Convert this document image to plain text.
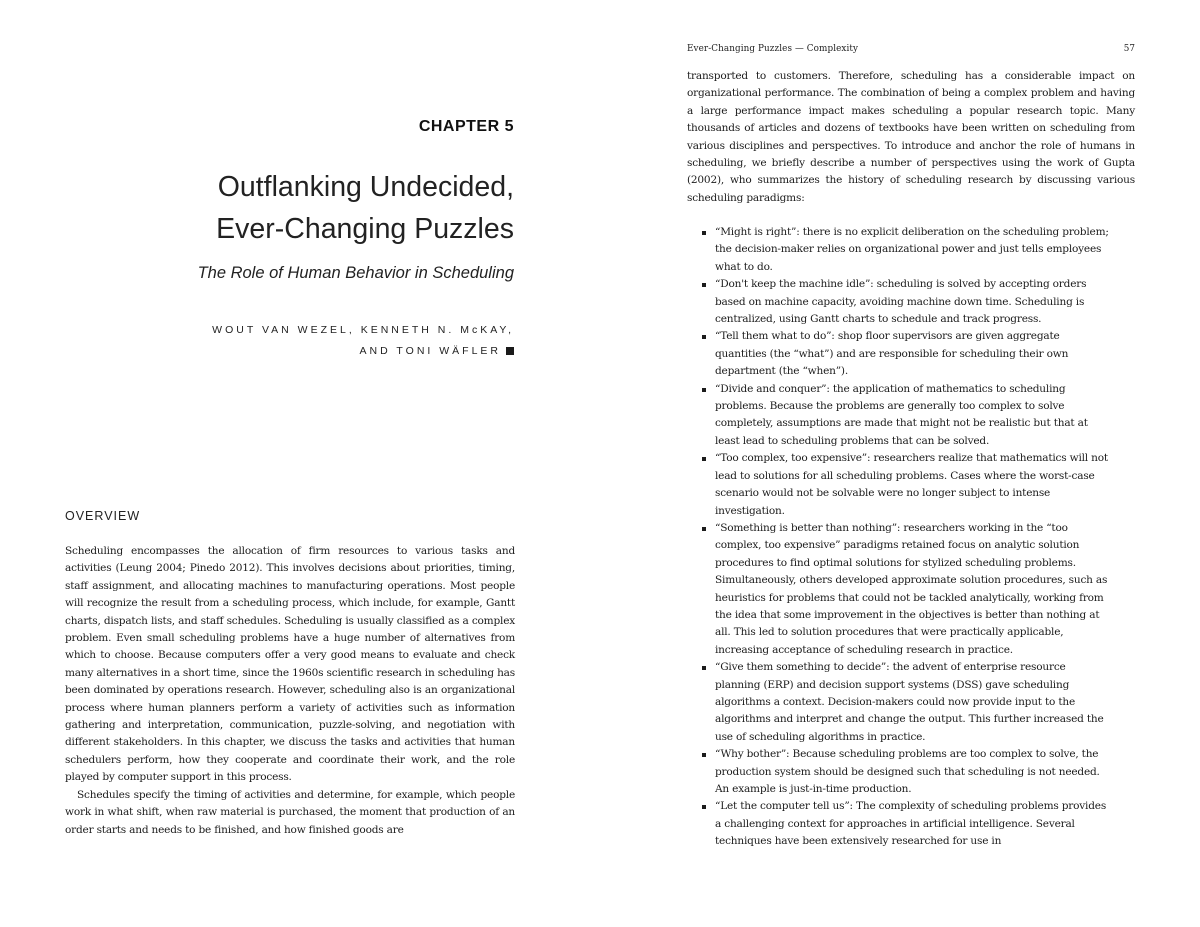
CHAPTER 5
Outflanking Undecided,
Ever-Changing Puzzles

The Role of Human Behavior in Scheduling

WOUT VAN WEZEL, KENNETH N. McKAY,
AND TONI WÄFLER
OVERVIEW

Scheduling encompasses the allocation of firm resources to various tasks and activities (Leung 2004; Pinedo 2012). This involves decisions about priorities, timing, staff assignment, and allocating machines to manufacturing operations. Most people will recognize the result from a scheduling process, which include, for example, Gantt charts, dispatch lists, and staff schedules. Scheduling is usually classified as a complex problem. Even small scheduling problems have a huge number of alternatives from which to choose. Because computers offer a very good means to evaluate and check many alternatives in a short time, since the 1960s scientific research in scheduling has been dominated by operations research. However, scheduling also is an organizational process where human planners perform a variety of activities such as information gathering and interpretation, communication, puzzle-solving, and negotiation with different stakeholders. In this chapter, we discuss the tasks and activities that human schedulers perform, how they cooperate and coordinate their work, and the role played by computer support in this process.

Schedules specify the timing of activities and determine, for example, which people work in what shift, when raw material is purchased, the moment that production of an order starts and needs to be finished, and how finished goods are

Ever-Changing Puzzles — Complexity	57

transported to customers. Therefore, scheduling has a considerable impact on organizational performance. The combination of being a complex problem and having a large performance impact makes scheduling a popular research topic. Many thousands of articles and dozens of textbooks have been written on scheduling from various disciplines and perspectives. To introduce and anchor the role of humans in scheduling, we briefly describe a number of perspectives using the work of Gupta (2002), who summarizes the history of scheduling research by discussing various scheduling paradigms:

“Might is right”: there is no explicit deliberation on the scheduling problem; the decision-maker relies on organizational power and just tells employees what to do.
“Don't keep the machine idle”: scheduling is solved by accepting orders based on machine capacity, avoiding machine down time. Scheduling is centralized, using Gantt charts to schedule and track progress.
“Tell them what to do”: shop floor supervisors are given aggregate quantities (the “what”) and are responsible for scheduling their own department (the “when”).
“Divide and conquer”: the application of mathematics to scheduling problems. Because the problems are generally too complex to solve completely, assumptions are made that might not be realistic but that at least lead to scheduling problems that can be solved.
“Too complex, too expensive”: researchers realize that mathematics will not lead to solutions for all scheduling problems. Cases where the worst-case scenario would not be solvable were no longer subject to intense investigation.
“Something is better than nothing”: researchers working in the “too complex, too expensive” paradigms retained focus on analytic solution procedures to find optimal solutions for stylized scheduling problems. Simultaneously, others developed approximate solution procedures, such as heuristics for problems that could not be tackled analytically, working from the idea that some improvement in the objectives is better than nothing at all. This led to solution procedures that were practically applicable, increasing acceptance of scheduling research in practice.
“Give them something to decide”: the advent of enterprise resource planning (ERP) and decision support systems (DSS) gave scheduling algorithms a context. Decision-makers could now provide input to the algorithms and interpret and change the output. This further increased the use of scheduling algorithms in practice.
“Why bother”: Because scheduling problems are too complex to solve, the production system should be designed such that scheduling is not needed. An example is just-in-time production.
“Let the computer tell us”: The complexity of scheduling problems provides a challenging context for approaches in artificial intelligence. Several techniques have been extensively researched for use in
